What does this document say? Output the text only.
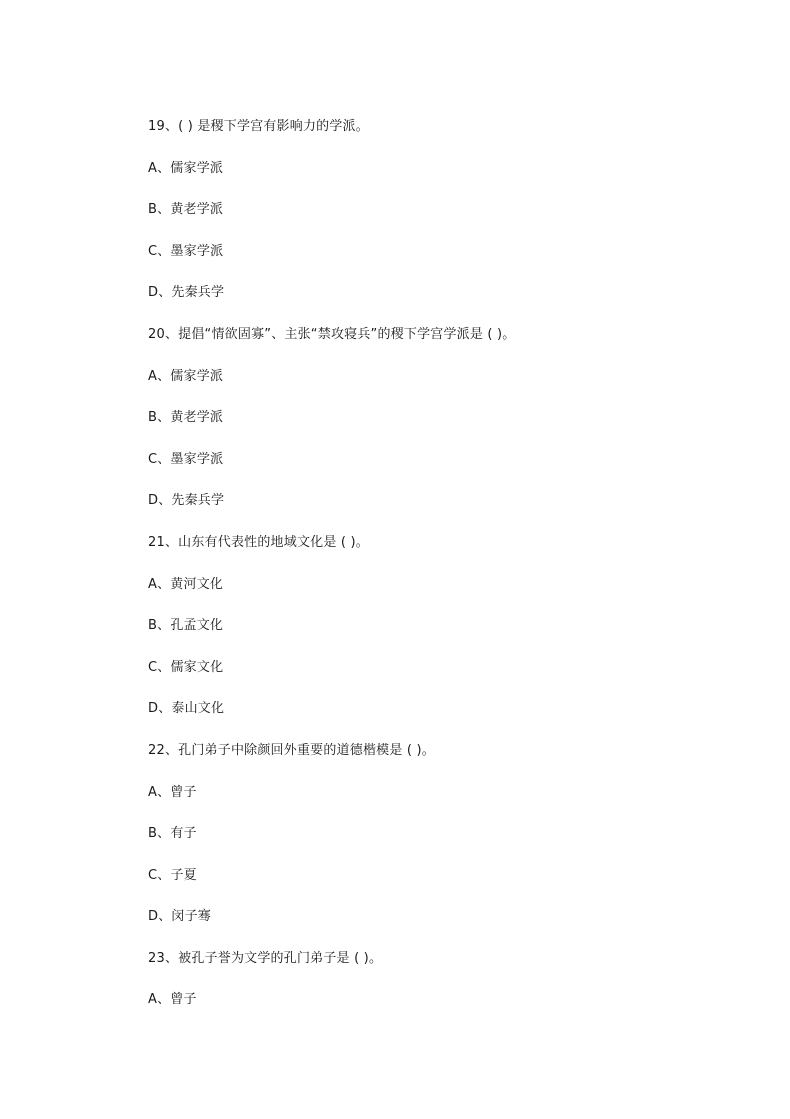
19、( ) 是稷下学宫有影响力的学派。
A、儒家学派
B、黄老学派
C、墨家学派
D、先秦兵学
20、提倡“情欲固寡”、主张“禁攻寝兵”的稷下学宫学派是 ( )。
A、儒家学派
B、黄老学派
C、墨家学派
D、先秦兵学
21、山东有代表性的地域文化是 ( )。
A、黄河文化
B、孔孟文化
C、儒家文化
D、泰山文化
22、孔门弟子中除颜回外重要的道德楷模是 ( )。
A、曾子
B、有子
C、子夏
D、闵子骞
23、被孔子誉为文学的孔门弟子是 ( )。
A、曾子
